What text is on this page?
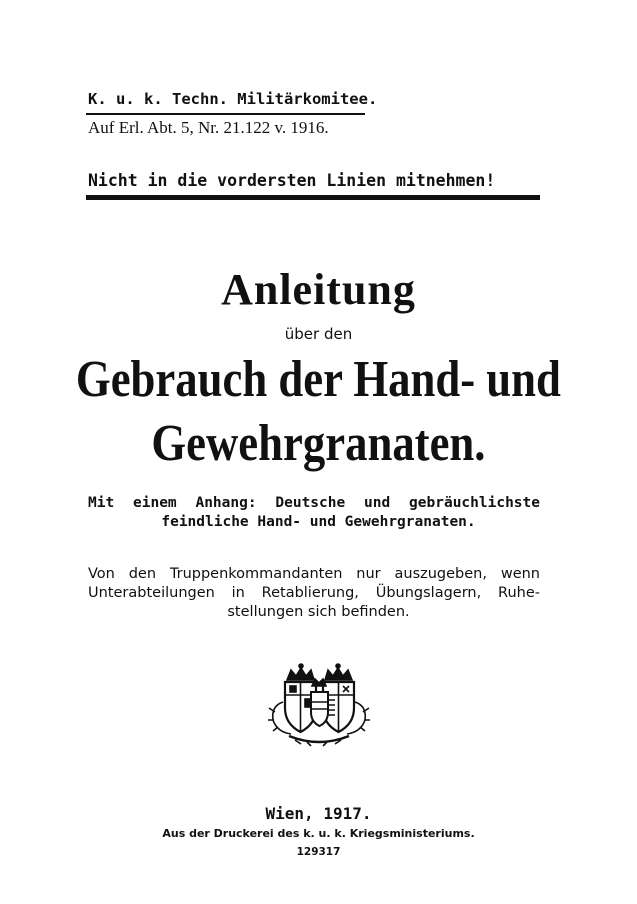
K. u. k. Techn. Militärkomitee.
Auf Erl. Abt. 5, Nr. 21.122 v. 1916.
Nicht in die vordersten Linien mitnehmen!
Anleitung
über den
Gebrauch der Hand- und
Gewehrgranaten.
Mit einem Anhang: Deutsche und gebräuchlichste
feindliche Hand- und Gewehrgranaten.
Von den Truppenkommandanten nur auszugeben, wenn
Unterabteilungen in Retablierung, Übungslagern, Ruhe-
stellungen sich befinden.
Wien, 1917.
Aus der Druckerei des k. u. k. Kriegsministeriums.
129317
